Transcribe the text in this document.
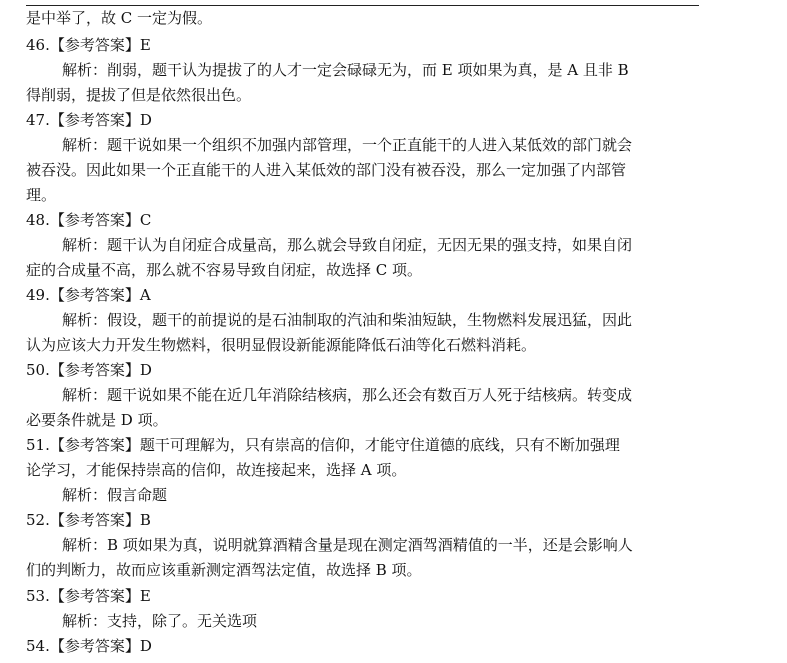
是中举了，故 C 一定为假。
46.【参考答案】E
解析：削弱，题干认为提拔了的人才一定会碌碌无为，而 E 项如果为真，是 A 且非 B
得削弱，提拔了但是依然很出色。
47.【参考答案】D
解析：题干说如果一个组织不加强内部管理，一个正直能干的人进入某低效的部门就会
被吞没。因此如果一个正直能干的人进入某低效的部门没有被吞没，那么一定加强了内部管
理。
48.【参考答案】C
解析：题干认为自闭症合成量高，那么就会导致自闭症，无因无果的强支持，如果自闭
症的合成量不高，那么就不容易导致自闭症，故选择 C 项。
49.【参考答案】A
解析：假设，题干的前提说的是石油制取的汽油和柴油短缺，生物燃料发展迅猛，因此
认为应该大力开发生物燃料，很明显假设新能源能降低石油等化石燃料消耗。
50.【参考答案】D
解析：题干说如果不能在近几年消除结核病，那么还会有数百万人死于结核病。转变成
必要条件就是 D 项。
51.【参考答案】题干可理解为，只有崇高的信仰，才能守住道德的底线，只有不断加强理
论学习，才能保持崇高的信仰，故连接起来，选择 A 项。
解析：假言命题
52.【参考答案】B
解析：B 项如果为真，说明就算酒精含量是现在测定酒驾酒精值的一半，还是会影响人
们的判断力，故而应该重新测定酒驾法定值，故选择 B 项。
53.【参考答案】E
解析：支持，除了。无关选项
54.【参考答案】D
